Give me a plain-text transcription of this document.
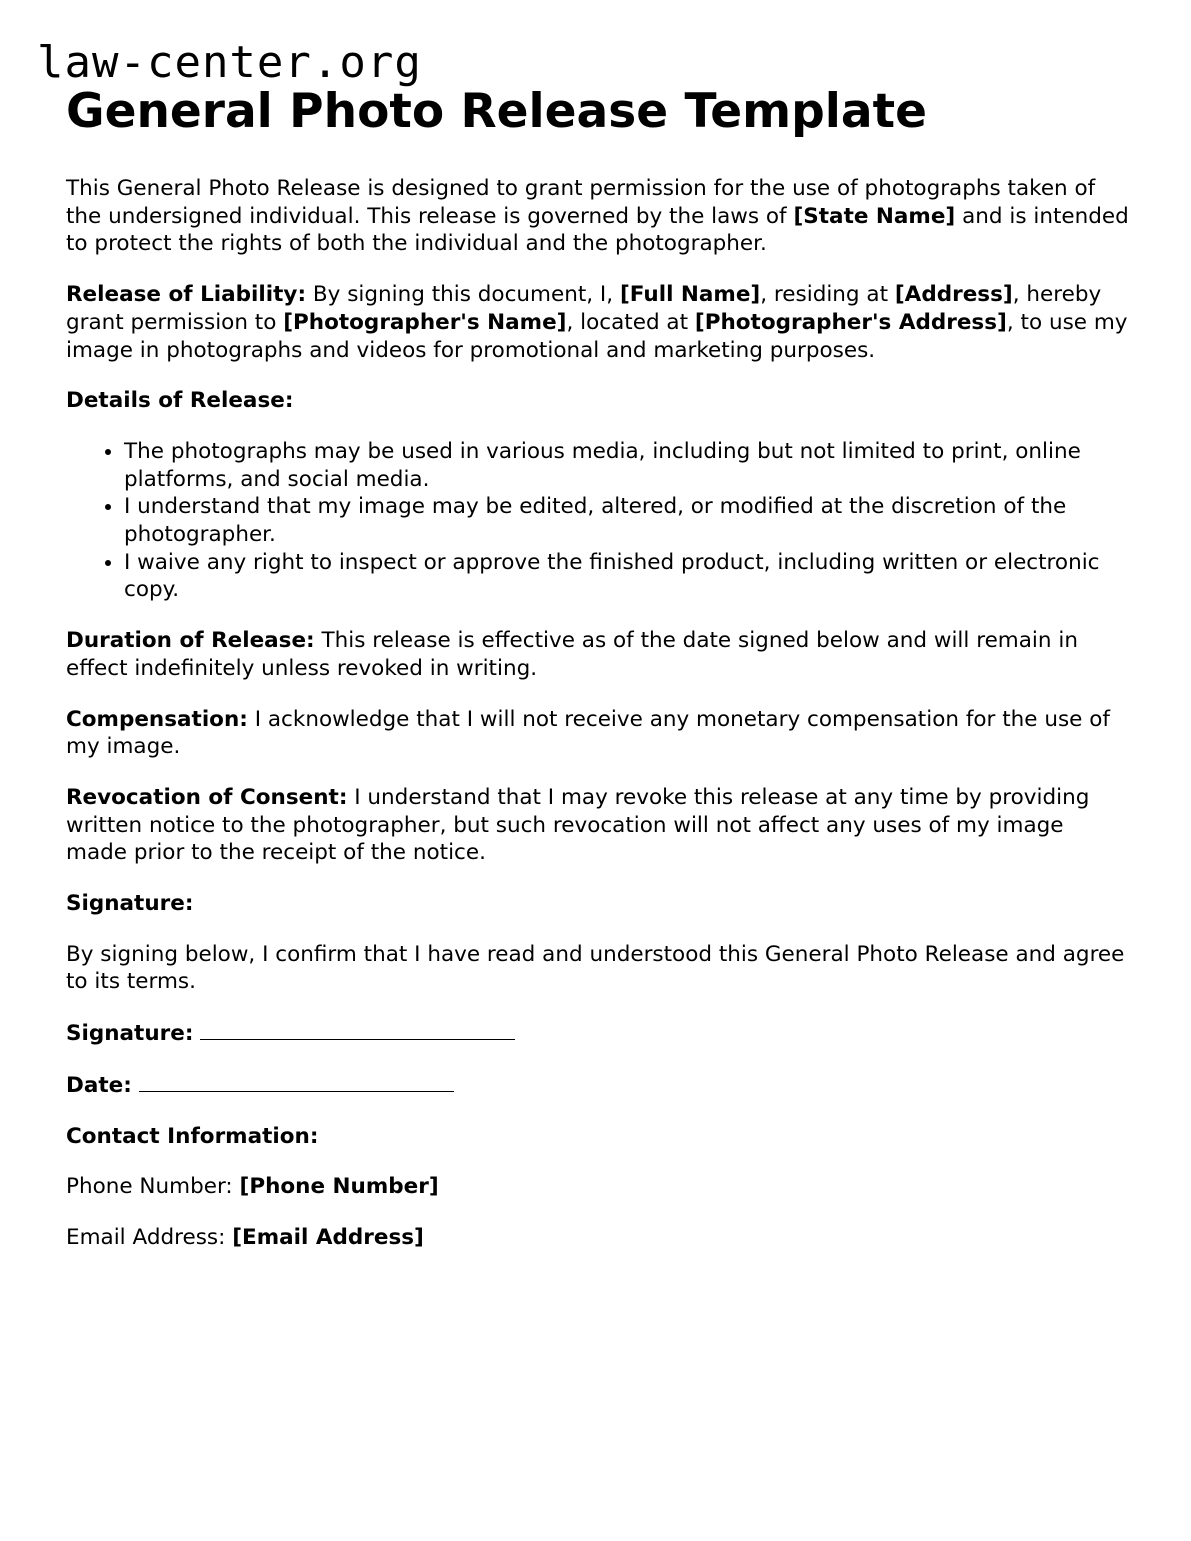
law-center.org
General Photo Release Template

This General Photo Release is designed to grant permission for the use of photographs taken of the undersigned individual. This release is governed by the laws of [State Name] and is intended to protect the rights of both the individual and the photographer.

Release of Liability: By signing this document, I, [Full Name], residing at [Address], hereby grant permission to [Photographer's Name], located at [Photographer's Address], to use my image in photographs and videos for promotional and marketing purposes.

Details of Release:

• The photographs may be used in various media, including but not limited to print, online platforms, and social media.
• I understand that my image may be edited, altered, or modified at the discretion of the photographer.
• I waive any right to inspect or approve the finished product, including written or electronic copy.

Duration of Release: This release is effective as of the date signed below and will remain in effect indefinitely unless revoked in writing.

Compensation: I acknowledge that I will not receive any monetary compensation for the use of my image.

Revocation of Consent: I understand that I may revoke this release at any time by providing written notice to the photographer, but such revocation will not affect any uses of my image made prior to the receipt of the notice.

Signature:

By signing below, I confirm that I have read and understood this General Photo Release and agree to its terms.

Signature:

Date:

Contact Information:

Phone Number: [Phone Number]

Email Address: [Email Address]
